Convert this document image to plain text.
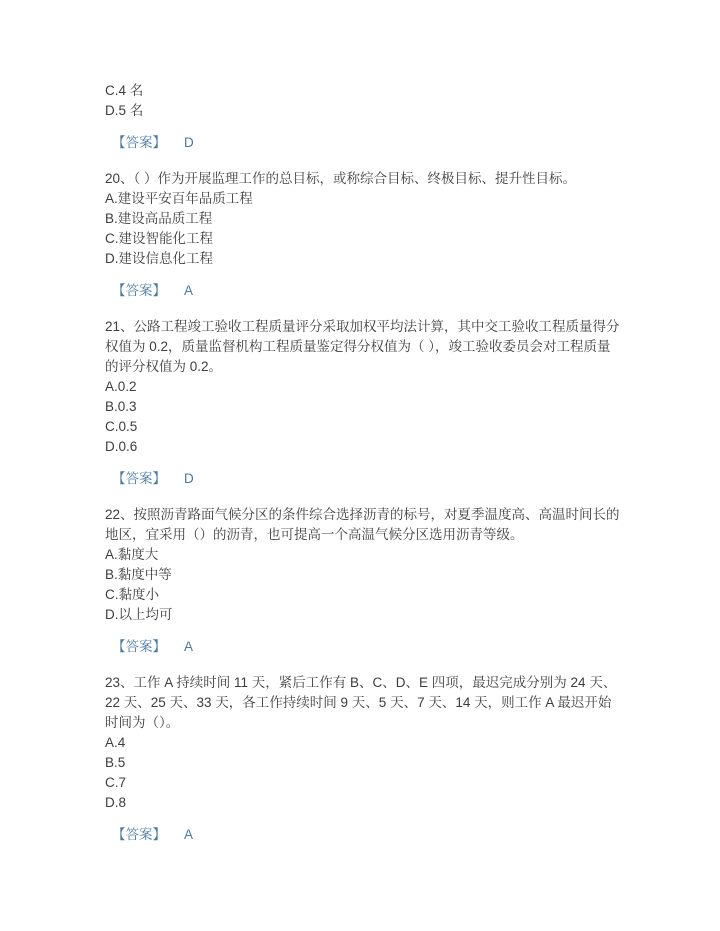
C.4 名

D.5 名

【答案】 D

20、（ ）作为开展监理工作的总目标，或称综合目标、终极目标、提升性目标。

A.建设平安百年品质工程

B.建设高品质工程

C.建设智能化工程

D.建设信息化工程

【答案】 A

21、公路工程竣工验收工程质量评分采取加权平均法计算，其中交工验收工程质量得分权值为 0.2，质量监督机构工程质量鉴定得分权值为（ ），竣工验收委员会对工程质量的评分权值为 0.2。

A.0.2

B.0.3

C.0.5

D.0.6

【答案】 D

22、按照沥青路面气候分区的条件综合选择沥青的标号，对夏季温度高、高温时间长的地区，宜采用（）的沥青，也可提高一个高温气候分区选用沥青等级。

A.黏度大

B.黏度中等

C.黏度小

D.以上均可

【答案】 A

23、工作 A 持续时间 11 天，紧后工作有 B、C、D、E 四项，最迟完成分别为 24 天、22 天、25 天、33 天，各工作持续时间 9 天、5 天、7 天、14 天，则工作 A 最迟开始时间为（）。

A.4

B.5

C.7

D.8

【答案】 A
